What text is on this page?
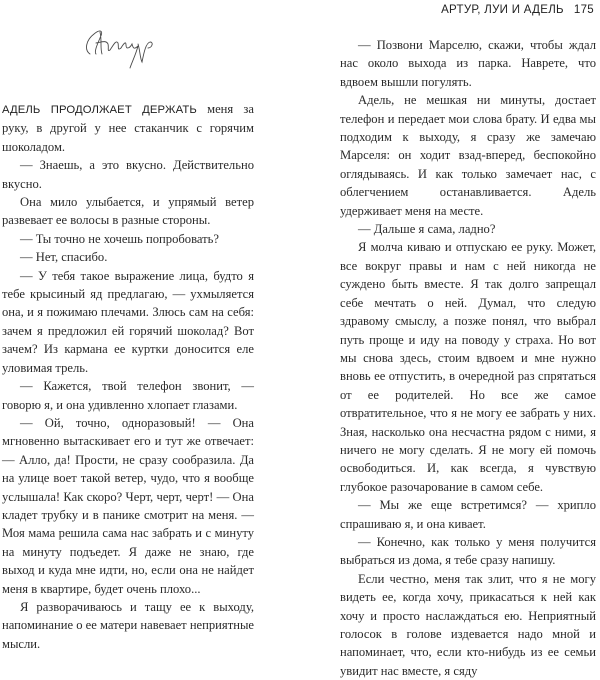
АДЕЛЬ ПРОДОЛЖАЕТ ДЕРЖАТЬ меня за руку, в другой у нее стаканчик с горячим шоколадом.

— Знаешь, а это вкусно. Действительно вкусно.

Она мило улыбается, и упрямый ветер развевает ее волосы в разные стороны.

— Ты точно не хочешь попробовать?

— Нет, спасибо.

— У тебя такое выражение лица, будто я тебе крысиный яд предлагаю, — ухмыляется она, и я пожимаю плечами. Злюсь сам на себя: зачем я предложил ей горячий шоколад? Вот зачем? Из кармана ее куртки доносится еле уловимая трель.

— Кажется, твой телефон звонит, — говорю я, и она удивленно хлопает глазами.

— Ой, точно, одноразовый! — Она мгновенно вытаскивает его и тут же отвечает: — Алло, да! Прости, не сразу сообразила. Да на улице воет такой ветер, чудо, что я вообще услышала! Как скоро? Черт, черт, черт! — Она кладет трубку и в панике смотрит на меня. — Моя мама решила сама нас забрать и с минуту на минуту подъедет. Я даже не знаю, где выход и куда мне идти, но, если она не найдет меня в квартире, будет очень плохо...

Я разворачиваюсь и тащу ее к выходу, напоминание о ее матери навевает неприятные мысли.

АРТУР, ЛУИ И АДЕЛЬ 175

— Позвони Марселю, скажи, чтобы ждал нас около выхода из парка. Наврете, что вдвоем вышли погулять.

Адель, не мешкая ни минуты, достает телефон и передает мои слова брату. И едва мы подходим к выходу, я сразу же замечаю Марселя: он ходит взад-вперед, беспокойно оглядываясь. И как только замечает нас, с облегчением останавливается. Адель удерживает меня на месте.

— Дальше я сама, ладно?

Я молча киваю и отпускаю ее руку. Может, все вокруг правы и нам с ней никогда не суждено быть вместе. Я так долго запрещал себе мечтать о ней. Думал, что следую здравому смыслу, а позже понял, что выбрал путь проще и иду на поводу у страха. Но вот мы снова здесь, стоим вдвоем и мне нужно вновь ее отпустить, в очередной раз спрятаться от ее родителей. Но все же самое отвратительное, что я не могу ее забрать у них. Зная, насколько она несчастна рядом с ними, я ничего не могу сделать. Я не могу ей помочь освободиться. И, как всегда, я чувствую глубокое разочарование в самом себе.

— Мы же еще встретимся? — хрипло спрашиваю я, и она кивает.

— Конечно, как только у меня получится выбраться из дома, я тебе сразу напишу.

Если честно, меня так злит, что я не могу видеть ее, когда хочу, прикасаться к ней как хочу и просто наслаждаться ею. Неприятный голосок в голове издевается надо мной и напоминает, что, если кто-нибудь из ее семьи увидит нас вместе, я сяду
